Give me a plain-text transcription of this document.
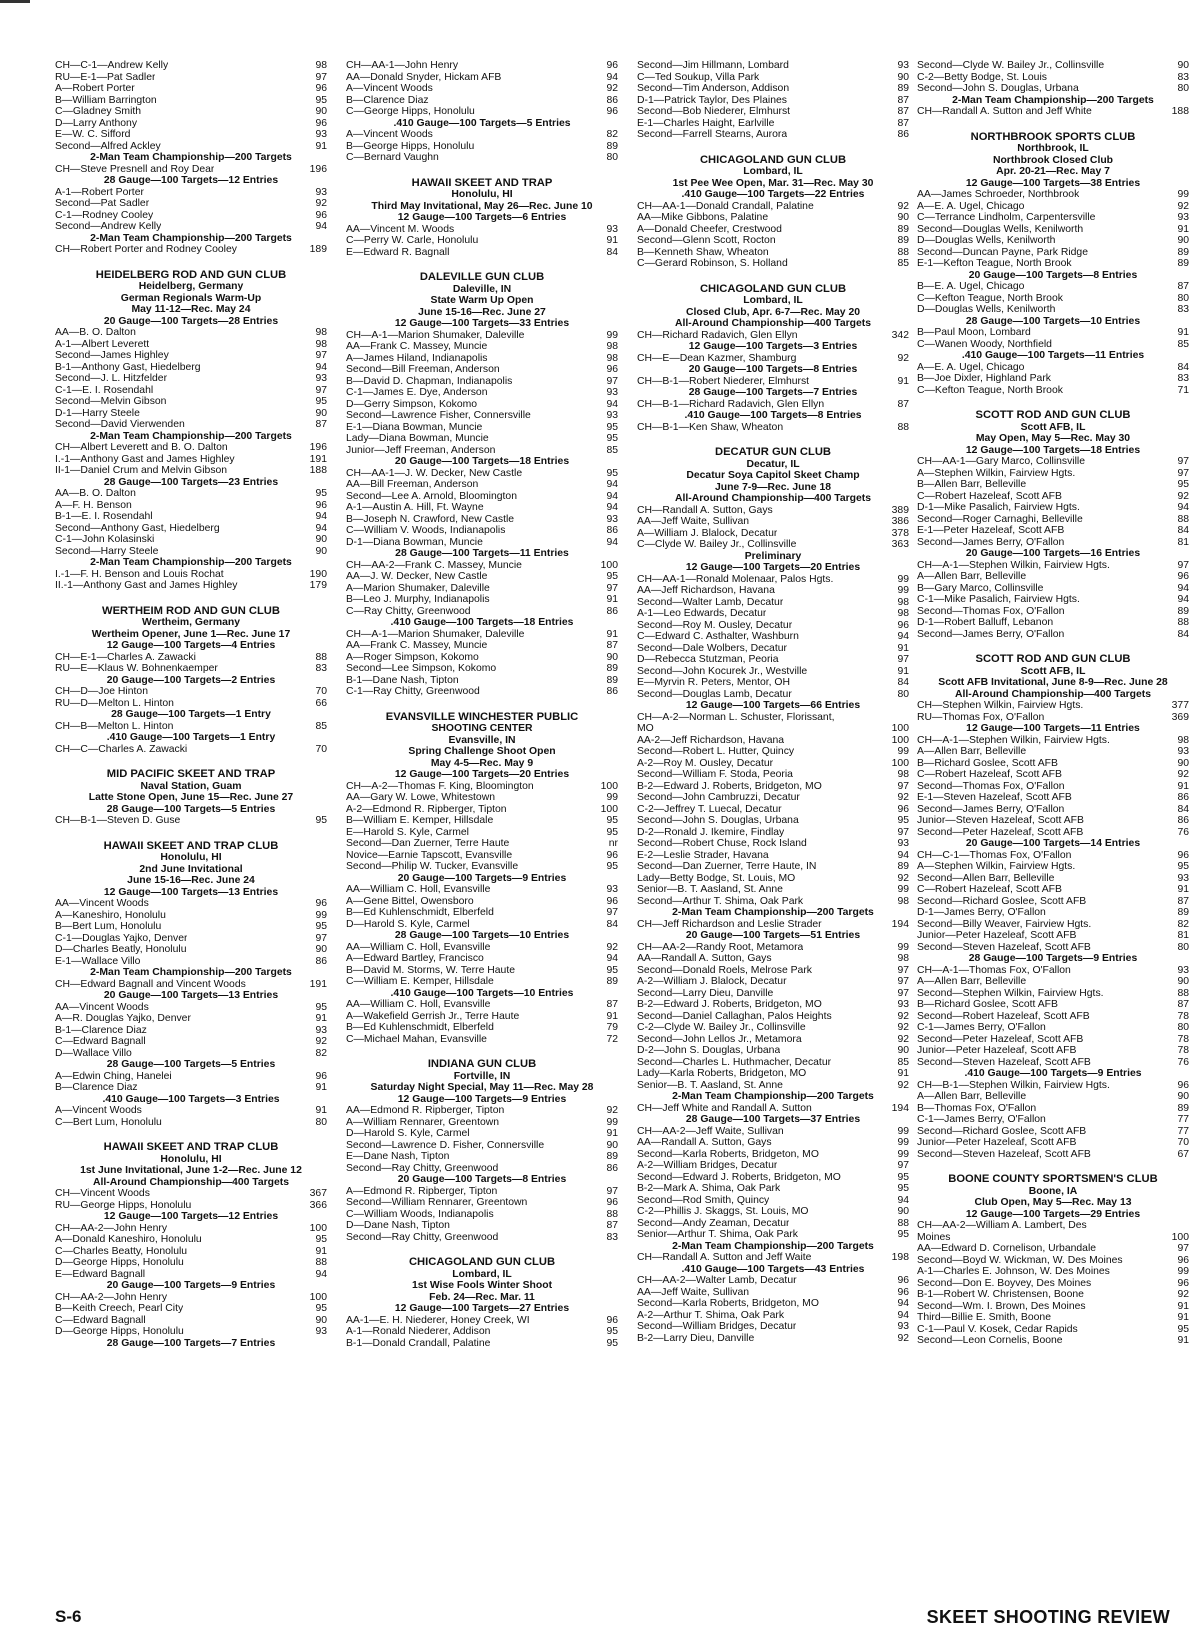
CH—C-1—Andrew Kelly	98
RU—E-1—Pat Sadler	97
A—Robert Porter	96
B—William Barrington	95
C—Gladney Smith	90
D—Larry Anthony	96
E—W. C. Sifford	93
Second—Alfred Ackley	91
2-Man Team Championship—200 Targets
CH—Steve Presnell and Roy Dear	196
28 Gauge—100 Targets—12 Entries
A-1—Robert Porter	93
Second—Pat Sadler	92
C-1—Rodney Cooley	96
Second—Andrew Kelly	94
2-Man Team Championship—200 Targets
CH—Robert Porter and Rodney Cooley	189
HEIDELBERG ROD AND GUN CLUB
Heidelberg, Germany
German Regionals Warm-Up
May 11-12—Rec. May 24
20 Gauge—100 Targets—28 Entries
AA—B. O. Dalton	98
A-1—Albert Leverett	98
Second—James Highley	97
B-1—Anthony Gast, Hiedelberg	94
Second—J. L. Hitzfelder	93
C-1—E. I. Rosendahl	97
Second—Melvin Gibson	95
D-1—Harry Steele	90
Second—David Vierwenden	87
2-Man Team Championship—200 Targets
CH—Albert Leverett and B. O. Dalton	196
I.-1—Anthony Gast and James Highley	191
II-1—Daniel Crum and Melvin Gibson	188
28 Gauge—100 Targets—23 Entries
AA—B. O. Dalton	95
A—F. H. Benson	96
B-1—E. I. Rosendahl	94
Second—Anthony Gast, Hiedelberg	94
C-1—John Kolasinski	90
Second—Harry Steele	90
2-Man Team Championship—200 Targets
I.-1—F. H. Benson and Louis Rochat	190
II.-1—Anthony Gast and James Highley	179
WERTHEIM ROD AND GUN CLUB
Wertheim, Germany
Wertheim Opener, June 1—Rec. June 17
12 Gauge—100 Targets—4 Entries
CH—E-1—Charles A. Zawacki	88
RU—E—Klaus W. Bohnenkaemper	83
20 Gauge—100 Targets—2 Entries
CH—D—Joe Hinton	70
RU—D—Melton L. Hinton	66
28 Gauge—100 Targets—1 Entry
CH—B—Melton L. Hinton	85
.410 Gauge—100 Targets—1 Entry
CH—C—Charles A. Zawacki	70
MID PACIFIC SKEET AND TRAP
Naval Station, Guam
Latte Stone Open, June 15—Rec. June 27
28 Gauge—100 Targets—5 Entries
CH—B-1—Steven D. Guse	95
HAWAII SKEET AND TRAP CLUB
Honolulu, HI
2nd June Invitational
June 15-16—Rec. June 24
12 Gauge—100 Targets—13 Entries
AA—Vincent Woods	96
A—Kaneshiro, Honolulu	99
B—Bert Lum, Honolulu	95
C-1—Douglas Yajko, Denver	97
D—Charles Beatly, Honolulu	90
E-1—Wallace Villo	86
2-Man Team Championship—200 Targets
CH—Edward Bagnall and Vincent Woods	191
20 Gauge—100 Targets—13 Entries
AA—Vincent Woods	95
A—R. Douglas Yajko, Denver	91
B-1—Clarence Diaz	93
C—Edward Bagnall	92
D—Wallace Villo	82
28 Gauge—100 Targets—5 Entries
A—Edwin Ching, Hanelei	96
B—Clarence Diaz	91
.410 Gauge—100 Targets—3 Entries
A—Vincent Woods	91
C—Bert Lum, Honolulu	80
HAWAII SKEET AND TRAP CLUB
Honolulu, HI
1st June Invitational, June 1-2—Rec. June 12
All-Around Championship—400 Targets
CH—Vincent Woods	367
RU—George Hipps, Honolulu	366
12 Gauge—100 Targets—12 Entries
CH—AA-2—John Henry	100
A—Donald Kaneshiro, Honolulu	95
C—Charles Beatty, Honolulu	91
D—George Hipps, Honolulu	88
E—Edward Bagnall	94
20 Gauge—100 Targets—9 Entries
CH—AA-2—John Henry	100
B—Keith Creech, Pearl City	95
C—Edward Bagnall	90
D—George Hipps, Honolulu	93
28 Gauge—100 Targets—7 Entries
CH—AA-1—John Henry	96
AA—Donald Snyder, Hickam AFB	94
A—Vincent Woods	92
B—Clarence Diaz	86
C—George Hipps, Honolulu	96
.410 Gauge—100 Targets—5 Entries
A—Vincent Woods	82
B—George Hipps, Honolulu	89
C—Bernard Vaughn	80
HAWAII SKEET AND TRAP
Honolulu, HI
Third May Invitational, May 26—Rec. June 10
12 Gauge—100 Targets—6 Entries
AA—Vincent M. Woods	93
C—Perry W. Carle, Honolulu	91
E—Edward R. Bagnall	84
DALEVILLE GUN CLUB
Daleville, IN
State Warm Up Open
June 15-16—Rec. June 27
12 Gauge—100 Targets—33 Entries
CH—A-1—Marion Shumaker, Daleville	99
AA—Frank C. Massey, Muncie	98
A—James Hiland, Indianapolis	98
Second—Bill Freeman, Anderson	96
B—David D. Chapman, Indianapolis	97
C-1—James E. Dye, Anderson	93
D—Gerry Simpson, Kokomo	94
Second—Lawrence Fisher, Connersville	93
E-1—Diana Bowman, Muncie	95
Lady—Diana Bowman, Muncie	95
Junior—Jeff Freeman, Anderson	85
20 Gauge—100 Targets—18 Entries
CH—AA-1—J. W. Decker, New Castle	95
AA—Bill Freeman, Anderson	94
Second—Lee A. Arnold, Bloomington	94
A-1—Austin A. Hill, Ft. Wayne	94
B—Joseph N. Crawford, New Castle	93
C—William V. Woods, Indianapolis	86
D-1—Diana Bowman, Muncie	94
28 Gauge—100 Targets—11 Entries
CH—AA-2—Frank C. Massey, Muncie	100
AA—J. W. Decker, New Castle	95
A—Marion Shumaker, Daleville	97
B—Leo J. Murphy, Indianapolis	91
C—Ray Chitty, Greenwood	86
.410 Gauge—100 Targets—18 Entries
CH—A-1—Marion Shumaker, Daleville	91
AA—Frank C. Massey, Muncie	87
A—Roger Simpson, Kokomo	90
Second—Lee Simpson, Kokomo	89
B-1—Dane Nash, Tipton	89
C-1—Ray Chitty, Greenwood	86
EVANSVILLE WINCHESTER PUBLIC
SHOOTING CENTER
Evansville, IN
Spring Challenge Shoot Open
May 4-5—Rec. May 9
12 Gauge—100 Targets—20 Entries
CH—A-2—Thomas F. King, Bloomington	100
AA—Gary W. Lowe, Whitestown	99
A-2—Edmond R. Ripberger, Tipton	100
B—William E. Kemper, Hillsdale	95
E—Harold S. Kyle, Carmel	95
Second—Dan Zuerner, Terre Haute	nr
Novice—Earnie Tapscott, Evansville	96
Second—Philip W. Tucker, Evansville	95
20 Gauge—100 Targets—9 Entries
AA—William C. Holl, Evansville	93
A—Gene Bittel, Owensboro	96
B—Ed Kuhlenschmidt, Elberfeld	97
D—Harold S. Kyle, Carmel	84
28 Gauge—100 Targets—10 Entries
AA—William C. Holl, Evansville	92
A—Edward Bartley, Francisco	94
B—David M. Storms, W. Terre Haute	95
C—William E. Kemper, Hillsdale	89
.410 Gauge—100 Targets—10 Entries
AA—William C. Holl, Evansville	87
A—Wakefield Gerrish Jr., Terre Haute	91
B—Ed Kuhlenschmidt, Elberfeld	79
C—Michael Mahan, Evansville	72
INDIANA GUN CLUB
Fortville, IN
Saturday Night Special, May 11—Rec. May 28
12 Gauge—100 Targets—9 Entries
AA—Edmond R. Ripberger, Tipton	92
A—William Rennarer, Greentown	99
D—Harold S. Kyle, Carmel	91
Second—Lawrence D. Fisher, Connersville	90
E—Dane Nash, Tipton	89
Second—Ray Chitty, Greenwood	86
20 Gauge—100 Targets—8 Entries
A—Edmond R. Ripberger, Tipton	97
Second—William Rennarer, Greentown	96
C—William Woods, Indianapolis	88
D—Dane Nash, Tipton	87
Second—Ray Chitty, Greenwood	83
CHICAGOLAND GUN CLUB
Lombard, IL
1st Wise Fools Winter Shoot
Feb. 24—Rec. Mar. 11
12 Gauge—100 Targets—27 Entries
AA-1—E. H. Niederer, Honey Creek, WI	96
A-1—Ronald Niederer, Addison	95
B-1—Donald Crandall, Palatine	95
Second—Jim Hillmann, Lombard	93
C—Ted Soukup, Villa Park	90
Second—Tim Anderson, Addison	89
D-1—Patrick Taylor, Des Plaines	87
Second—Bob Niederer, Elmhurst	87
E-1—Charles Haight, Earlville	87
Second—Farrell Stearns, Aurora	86
CHICAGOLAND GUN CLUB
Lombard, IL
1st Pee Wee Open, Mar. 31—Rec. May 30
.410 Gauge—100 Targets—22 Entries
CH—AA-1—Donald Crandall, Palatine	92
AA—Mike Gibbons, Palatine	90
A—Donald Cheefer, Crestwood	89
Second—Glenn Scott, Rocton	89
B—Kenneth Shaw, Wheaton	88
C—Gerard Robinson, S. Holland	85
CHICAGOLAND GUN CLUB
Lombard, IL
Closed Club, Apr. 6-7—Rec. May 20
All-Around Championship—400 Targets
CH—Richard Radavich, Glen Ellyn	342
12 Gauge—100 Targets—3 Entries
CH—E—Dean Kazmer, Shamburg	92
20 Gauge—100 Targets—8 Entries
CH—B-1—Robert Niederer, Elmhurst	91
28 Gauge—100 Targets—7 Entries
CH—B-1—Richard Radavich, Glen Ellyn	87
.410 Gauge—100 Targets—8 Entries
CH—B-1—Ken Shaw, Wheaton	88
DECATUR GUN CLUB
Decatur, IL
Decatur Soya Capitol Skeet Champ
June 7-9—Rec. June 18
All-Around Championship—400 Targets
CH—Randall A. Sutton, Gays	389
AA—Jeff Waite, Sullivan	386
A—William J. Blalock, Decatur	378
C—Clyde W. Bailey Jr., Collinsville	363
Preliminary
12 Gauge—100 Targets—20 Entries
CH—AA-1—Ronald Molenaar, Palos Hgts.	99
AA—Jeff Richardson, Havana	99
Second—Walter Lamb, Decatur	98
A-1—Leo Edwards, Decatur	98
Second—Roy M. Ousley, Decatur	96
C—Edward C. Asthalter, Washburn	94
Second—Dale Wolbers, Decatur	91
D—Rebecca Stutzman, Peoria	97
Second—John Kocurek Jr., Westville	91
E—Myrvin R. Peters, Mentor, OH	84
Second—Douglas Lamb, Decatur	80
12 Gauge—100 Targets—66 Entries
CH—A-2—Norman L. Schuster, Florissant,
MO	100
AA-2—Jeff Richardson, Havana	100
Second—Robert L. Hutter, Quincy	99
A-2—Roy M. Ousley, Decatur	100
Second—William F. Stoda, Peoria	98
B-2—Edward J. Roberts, Bridgeton, MO	97
Second—John Cambruzzi, Decatur	92
C-2—Jeffrey T. Luecal, Decatur	96
Second—John S. Douglas, Urbana	95
D-2—Ronald J. Ikemire, Findlay	97
Second—Robert Chuse, Rock Island	93
E-2—Leslie Strader, Havana	94
Second—Dan Zuerner, Terre Haute, IN	89
Lady—Betty Bodge, St. Louis, MO	92
Senior—B. T. Aasland, St. Anne	99
Second—Arthur T. Shima, Oak Park	98
2-Man Team Championship—200 Targets
CH—Jeff Richardson and Leslie Strader	194
20 Gauge—100 Targets—51 Entries
CH—AA-2—Randy Root, Metamora	99
AA—Randall A. Sutton, Gays	98
Second—Donald Roels, Melrose Park	97
A-2—William J. Blalock, Decatur	97
Second—Larry Dieu, Danville	97
B-2—Edward J. Roberts, Bridgeton, MO	93
Second—Daniel Callaghan, Palos Heights	92
C-2—Clyde W. Bailey Jr., Collinsville	92
Second—John Lellos Jr., Metamora	92
D-2—John S. Douglas, Urbana	90
Second—Charles L. Huthmacher, Decatur	85
Lady—Karla Roberts, Bridgeton, MO	91
Senior—B. T. Aasland, St. Anne	92
2-Man Team Championship—200 Targets
CH—Jeff White and Randall A. Sutton	194
28 Gauge—100 Targets—37 Entries
CH—AA-2—Jeff Waite, Sullivan	99
AA—Randall A. Sutton, Gays	99
Second—Karla Roberts, Bridgeton, MO	99
A-2—William Bridges, Decatur	97
Second—Edward J. Roberts, Bridgeton, MO	95
B-2—Mark A. Shima, Oak Park	95
Second—Rod Smith, Quincy	94
C-2—Phillis J. Skaggs, St. Louis, MO	90
Second—Andy Zeaman, Decatur	88
Senior—Arthur T. Shima, Oak Park	95
2-Man Team Championship—200 Targets
CH—Randall A. Sutton and Jeff Waite	198
.410 Gauge—100 Targets—43 Entries
CH—AA-2—Walter Lamb, Decatur	96
AA—Jeff Waite, Sullivan	96
Second—Karla Roberts, Bridgeton, MO	94
A-2—Arthur T. Shima, Oak Park	94
Second—William Bridges, Decatur	93
B-2—Larry Dieu, Danville	92
Second—Clyde W. Bailey Jr., Collinsville	90
C-2—Betty Bodge, St. Louis	83
Second—John S. Douglas, Urbana	80
2-Man Team Championship—200 Targets
CH—Randall A. Sutton and Jeff White	188
NORTHBROOK SPORTS CLUB
Northbrook, IL
Northbrook Closed Club
Apr. 20-21—Rec. May 7
12 Gauge—100 Targets—38 Entries
AA—James Schroeder, Northbrook	99
A—E. A. Ugel, Chicago	92
C—Terrance Lindholm, Carpentersville	93
Second—Douglas Wells, Kenilworth	91
D—Douglas Wells, Kenilworth	90
Second—Duncan Payne, Park Ridge	89
E-1—Kefton Teague, North Brook	89
20 Gauge—100 Targets—8 Entries
B—E. A. Ugel, Chicago	87
C—Kefton Teague, North Brook	80
D—Douglas Wells, Kenilworth	83
28 Gauge—100 Targets—10 Entries
B—Paul Moon, Lombard	91
C—Wanen Woody, Northfield	85
.410 Gauge—100 Targets—11 Entries
A—E. A. Ugel, Chicago	84
B—Joe Dixler, Highland Park	83
C—Kefton Teague, North Brook	71
SCOTT ROD AND GUN CLUB
Scott AFB, IL
May Open, May 5—Rec. May 30
12 Gauge—100 Targets—18 Entries
CH—AA-1—Gary Marco, Collinsville	97
A—Stephen Wilkin, Fairview Hgts.	97
B—Allen Barr, Belleville	95
C—Robert Hazeleaf, Scott AFB	92
D-1—Mike Pasalich, Fairview Hgts.	94
Second—Roger Carnaghi, Belleville	88
E-1—Peter Hazeleaf, Scott AFB	84
Second—James Berry, O'Fallon	81
20 Gauge—100 Targets—16 Entries
CH—A-1—Stephen Wilkin, Fairview Hgts.	97
A—Allen Barr, Belleville	96
B—Gary Marco, Collinsville	94
C-1—Mike Pasalich, Fairview Hgts.	94
Second—Thomas Fox, O'Fallon	89
D-1—Robert Balluff, Lebanon	88
Second—James Berry, O'Fallon	84
SCOTT ROD AND GUN CLUB
Scott AFB, IL
Scott AFB Invitational, June 8-9—Rec. June 28
All-Around Championship—400 Targets
CH—Stephen Wilkin, Fairview Hgts.	377
RU—Thomas Fox, O'Fallon	369
12 Gauge—100 Targets—11 Entries
CH—A-1—Stephen Wilkin, Fairview Hgts.	98
A—Allen Barr, Belleville	93
B—Richard Goslee, Scott AFB	90
C—Robert Hazeleaf, Scott AFB	92
Second—Thomas Fox, O'Fallon	91
E-1—Steven Hazeleaf, Scott AFB	86
Second—James Berry, O'Fallon	84
Junior—Steven Hazeleaf, Scott AFB	86
Second—Peter Hazeleaf, Scott AFB	76
20 Gauge—100 Targets—14 Entries
CH—C-1—Thomas Fox, O'Fallon	96
A—Stephen Wilkin, Fairview Hgts.	95
Second—Allen Barr, Belleville	93
C—Robert Hazeleaf, Scott AFB	91
Second—Richard Goslee, Scott AFB	87
D-1—James Berry, O'Fallon	89
Second—Billy Weaver, Fairview Hgts.	82
Junior—Peter Hazeleaf, Scott AFB	81
Second—Steven Hazeleaf, Scott AFB	80
28 Gauge—100 Targets—9 Entries
CH—A-1—Thomas Fox, O'Fallon	93
A—Allen Barr, Belleville	90
Second—Stephen Wilkin, Fairview Hgts.	88
B—Richard Goslee, Scott AFB	87
Second—Robert Hazeleaf, Scott AFB	78
C-1—James Berry, O'Fallon	80
Second—Peter Hazeleaf, Scott AFB	78
Junior—Peter Hazeleaf, Scott AFB	78
Second—Steven Hazeleaf, Scott AFB	76
.410 Gauge—100 Targets—9 Entries
CH—B-1—Stephen Wilkin, Fairview Hgts.	96
A—Allen Barr, Belleville	90
B—Thomas Fox, O'Fallon	89
C-1—James Berry, O'Fallon	77
Second—Richard Goslee, Scott AFB	77
Junior—Peter Hazeleaf, Scott AFB	70
Second—Steven Hazeleaf, Scott AFB	67
BOONE COUNTY SPORTSMEN'S CLUB
Boone, IA
Club Open, May 5—Rec. May 13
12 Gauge—100 Targets—29 Entries
CH—AA-2—William A. Lambert, Des
Moines	100
AA—Edward D. Cornelison, Urbandale	97
Second—Boyd W. Wickman, W. Des Moines	96
A-1—Charles E. Johnson, W. Des Moines	99
Second—Don E. Boyvey, Des Moines	96
B-1—Robert W. Christensen, Boone	92
Second—Wm. I. Brown, Des Moines	91
Third—Billie E. Smith, Boone	91
C-1—Paul V. Kosek, Cedar Rapids	95
Second—Leon Cornelis, Boone	91
S-6	SKEET SHOOTING REVIEW
